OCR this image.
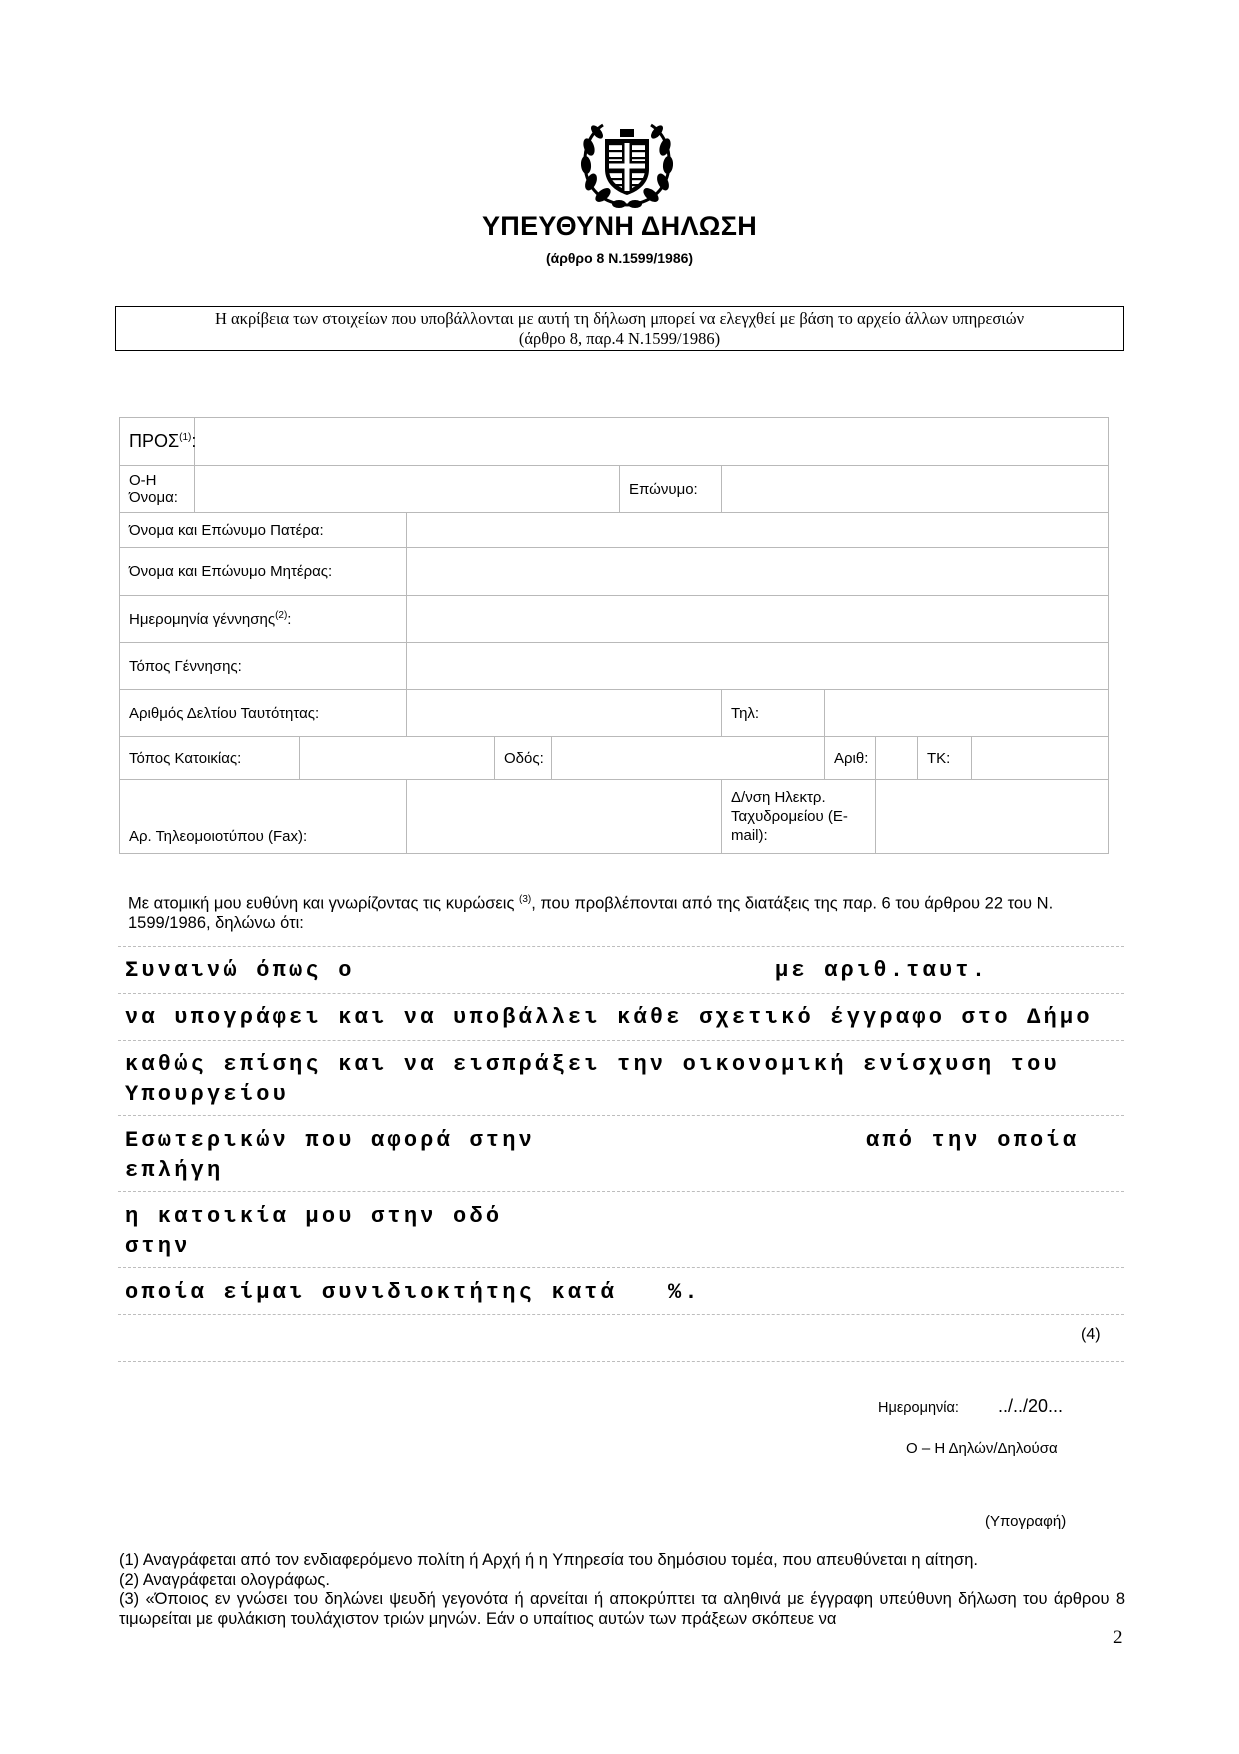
ΥΠΕΥΘΥΝΗ ΔΗΛΩΣΗ
(άρθρο 8 Ν.1599/1986)
Η ακρίβεια των στοιχείων που υποβάλλονται με αυτή τη δήλωση μπορεί να ελεγχθεί με βάση το αρχείο άλλων υπηρεσιών
(άρθρο 8, παρ.4 Ν.1599/1986)
ΠΡΟΣ$^{(1)}$:											
Ο-Η Όνομα:						Επώνυμο:					
Όνομα και Επώνυμο Πατέρα:											
Όνομα και Επώνυμο Μητέρας:											
Ημερομηνία γέννησης$^{(2)}$:											
Τόπος Γέννησης:											
Αριθμός Δελτίου Ταυτότητας:							Τηλ:				
Τόπος Κατοικίας:				Οδός:				Αριθ:		ΤΚ:	
Αρ. Τηλεομοιοτύπου (Fax):							Δ/νση Ηλεκτρ. Ταχυδρομείου (E-mail):				
Με ατομική μου ευθύνη και γνωρίζοντας τις κυρώσεις $^{(3)}$, που προβλέπονται από της διατάξεις της παρ. 6 του άρθρου 22 του Ν. 1599/1986, δηλώνω ότι:
Συναινώ όπως ο	με αριθ.ταυτ.
να υπογράφει και να υποβάλλει κάθε σχετικό έγγραφο στο Δήμο
καθώς επίσης και να εισπράξει την οικονομική ενίσχυση του
Υπουργείου
Εσωτερικών που αφορά στην	από την οποία
επλήγη
η κατοικία μου στην οδό
στην
οποία είμαι συνιδιοκτήτης κατά %.
(4)
Ημερομηνία: ../../20...
Ο – Η Δηλών/Δηλούσα
(Υπογραφή)
(1) Αναγράφεται από τον ενδιαφερόμενο πολίτη ή Αρχή ή η Υπηρεσία του δημόσιου τομέα, που απευθύνεται η αίτηση.
(2) Αναγράφεται ολογράφως.
(3) «Όποιος εν γνώσει του δηλώνει ψευδή γεγονότα ή αρνείται ή αποκρύπτει τα αληθινά με έγγραφη υπεύθυνη δήλωση του άρθρου 8 τιμωρείται με φυλάκιση τουλάχιστον τριών μηνών. Εάν ο υπαίτιος αυτών των πράξεων σκόπευε να
2
